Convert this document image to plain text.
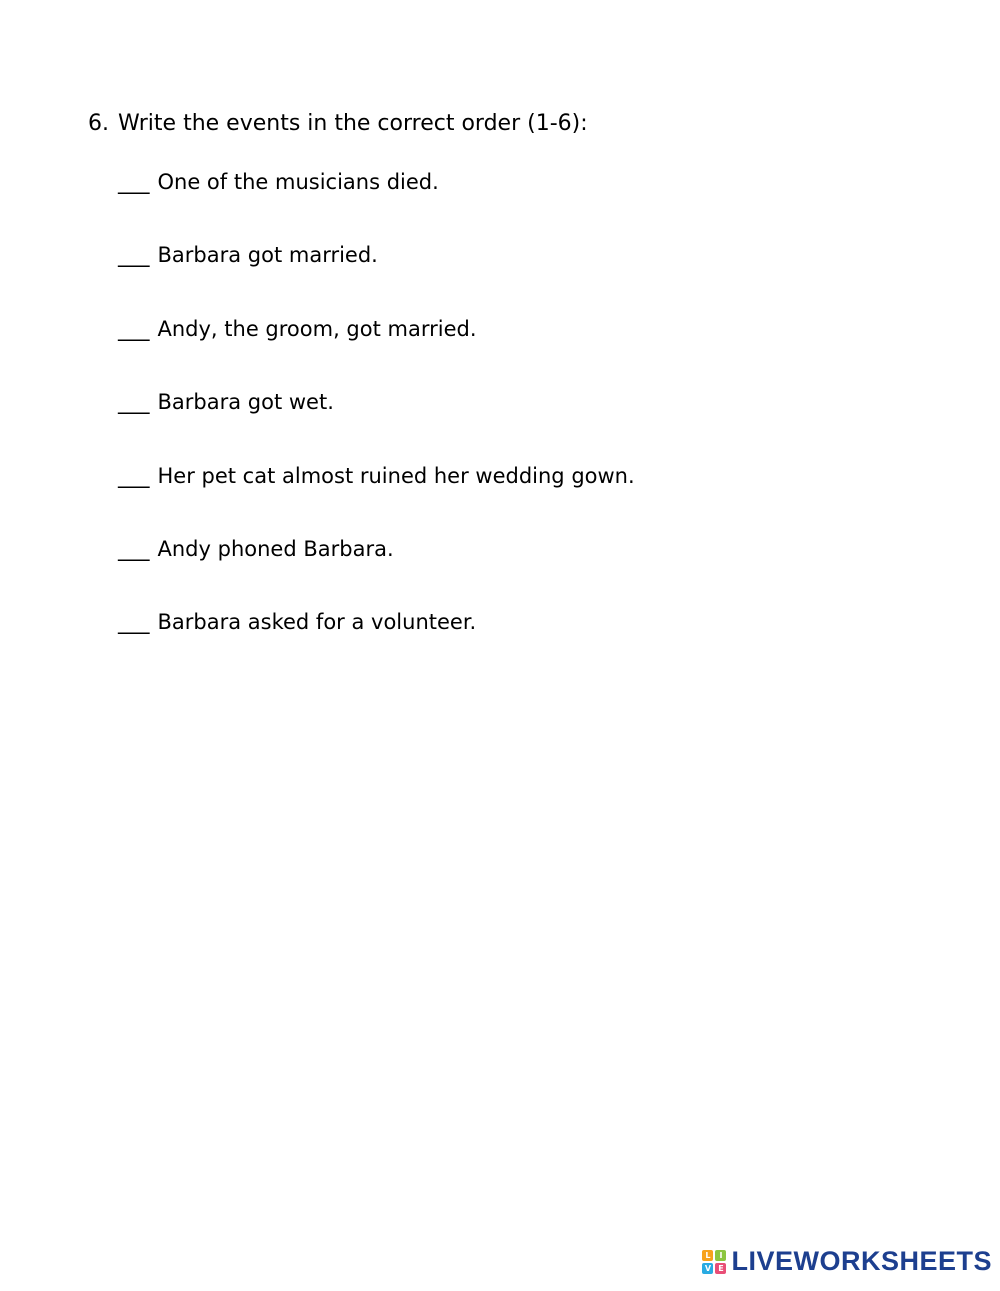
6. Write the events in the correct order (1-6):
___ One of the musicians died.
___ Barbara got married.
___ Andy, the groom, got married.
___ Barbara got wet.
___ Her pet cat almost ruined her wedding gown.
___ Andy phoned Barbara.
___ Barbara asked for a volunteer.
L	I
V E LIVEWORKSHEETS
